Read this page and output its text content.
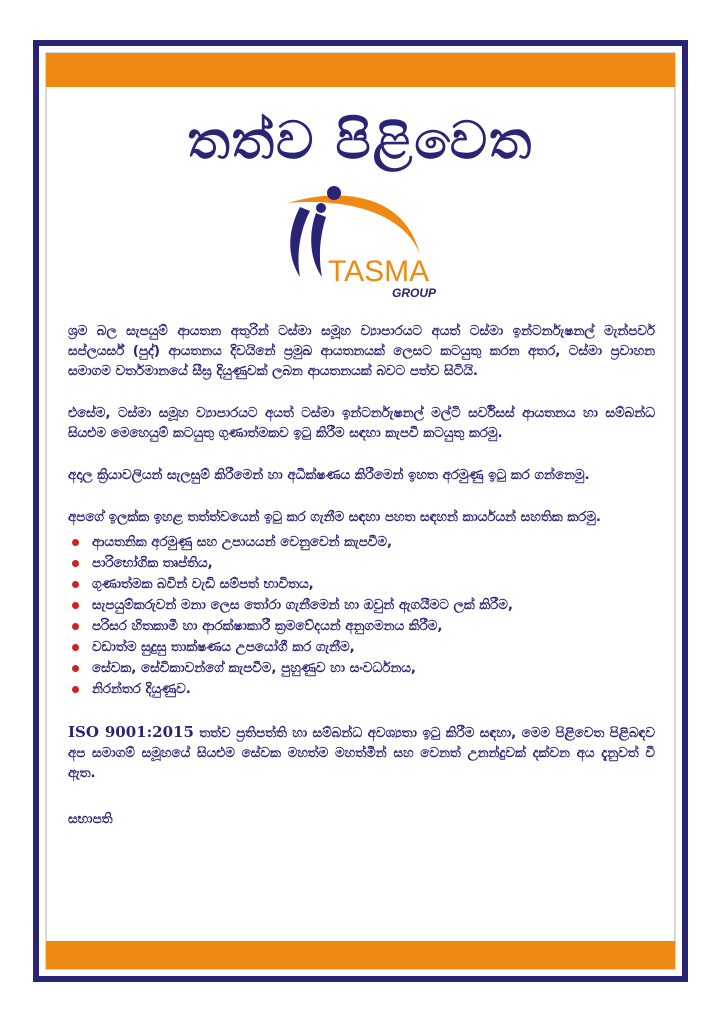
තත්ව පිළිවෙත
TASMA
GROUP

ශ්‍රම බල සැපයුම් ආයතන අතුරින් ටස්මා සමූහ ව්‍යාපාරයට අයත් ටස්මා ඉන්ටර්නැෂනල් මැන්පවර් සප්ලයර්ස් (පුද්) ආයතනය දිවයිනේ ප්‍රමුඛ ආයතනයක් ලෙසට කටයුතු කරන අතර, ටස්මා ප්‍රවාහන සමාගම වර්තමානයේ සීඝ්‍ර දියුණුවක් ලබන ආයතනයක් බවට පත්ව සිටියි.

එසේම, ටස්මා සමූහ ව්‍යාපාරයට අයත් ටස්මා ඉන්ටර්නැෂනල් මල්ටි සර්විසස් ආයතනය හා සම්බන්ධ සියළුම මෙහෙයුම් කටයුතු ගුණාත්මකව ඉටු කිරීම සඳහා කැපවී කටයුතු කරමු.

අදාල ක්‍රියාවලියන් සැලසුම් කිරීමෙන් හා අධීක්ෂණය කිරීමෙන් ඉහත අරමුණු ඉටු කර ගන්නෙමු.

අපගේ ඉලක්ක ඉහළ තත්ත්වයෙන් ඉටු කර ගැනීම සඳහා පහත සඳහන් කාර්යයන් සහතික කරමු.

ආයතනික අරමුණු සහ උපායයන් වෙනුවෙන් කැපවීම,
පාරිභෝගික තෘප්තිය,
ගුණාත්මක බවින් වැඩි සම්පත් භාවිතය,
සැපයුම්කරුවන් මනා ලෙස තෝරා ගැනීමෙන් හා ඔවුන් ඇගයීමට ලක් කිරීම,
පරිසර හිතකාමී හා ආරක්ෂාකාරී ක්‍රමවේදයන් අනුගමනය කිරීම,
වඩාත්ම සුදුසු තාක්ෂණය උපයෝගී කර ගැනීම,
සේවක, සේවිකාවන්ගේ කැපවීම, පුහුණුව හා සංවර්ධනය,
නිරන්තර දියුණුව.

ISO 9001:2015 තත්ව ප්‍රතිපත්ති හා සම්බන්ධ අවශ්‍යතා ඉටු කිරීම සඳහා, මෙම පිළිවෙත පිළිබඳව අප සමාගම් සමූහයේ සියළුම සේවක මහත්ම මහත්මීන් සහ වෙනත් උනන්දුවක් දක්වන අය දැනුවත් වී ඇත.

සභාපති
